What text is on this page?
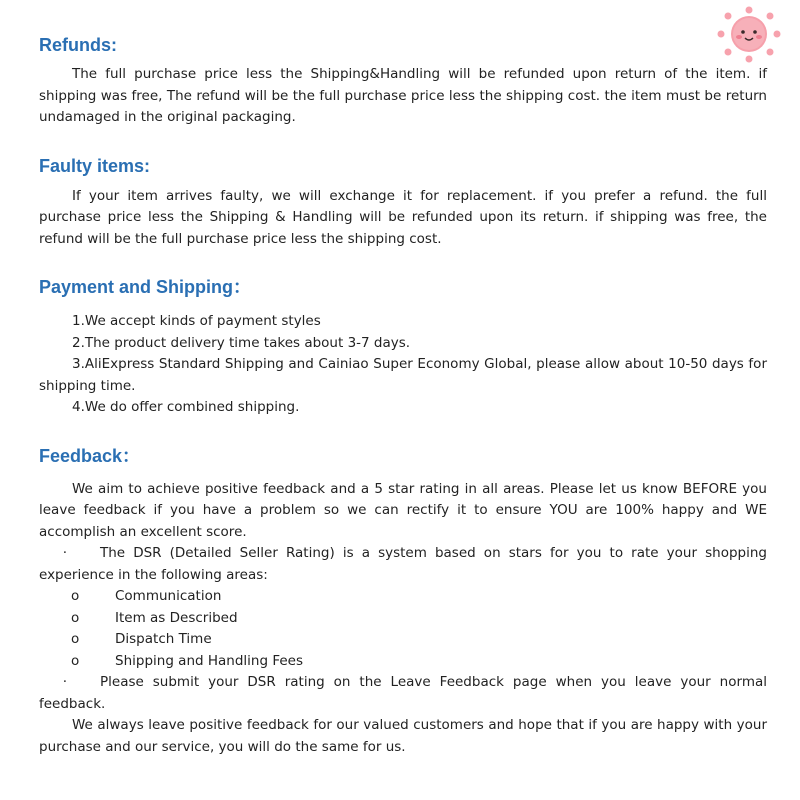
Refunds:

The full purchase price less the Shipping&Handling will be refunded upon return of the item. if shipping was free, The refund will be the full purchase price less the shipping cost. the item must be return undamaged in the original packaging.

Faulty items:

If your item arrives faulty, we will exchange it for replacement. if you prefer a refund. the full purchase price less the Shipping & Handling will be refunded upon its return. if shipping was free, the refund will be the full purchase price less the shipping cost.

Payment and Shipping：

1.We accept kinds of payment styles

2.The product delivery time takes about 3-7 days.

3.AliExpress Standard Shipping and Cainiao Super Economy Global, please allow about 10-50 days for shipping time.

4.We do offer combined shipping.

Feedback：

We aim to achieve positive feedback and a 5 star rating in all areas. Please let us know BEFORE you leave feedback if you have a problem so we can rectify it to ensure YOU are 100% happy and WE accomplish an excellent score.

· The DSR (Detailed Seller Rating) is a system based on stars for you to rate your shopping experience in the following areas:

o	Communication
o	Item as Described
o	Dispatch Time
o	Shipping and Handling Fees

· Please submit your DSR rating on the Leave Feedback page when you leave your normal feedback.

We always leave positive feedback for our valued customers and hope that if you are happy with your purchase and our service, you will do the same for us.
